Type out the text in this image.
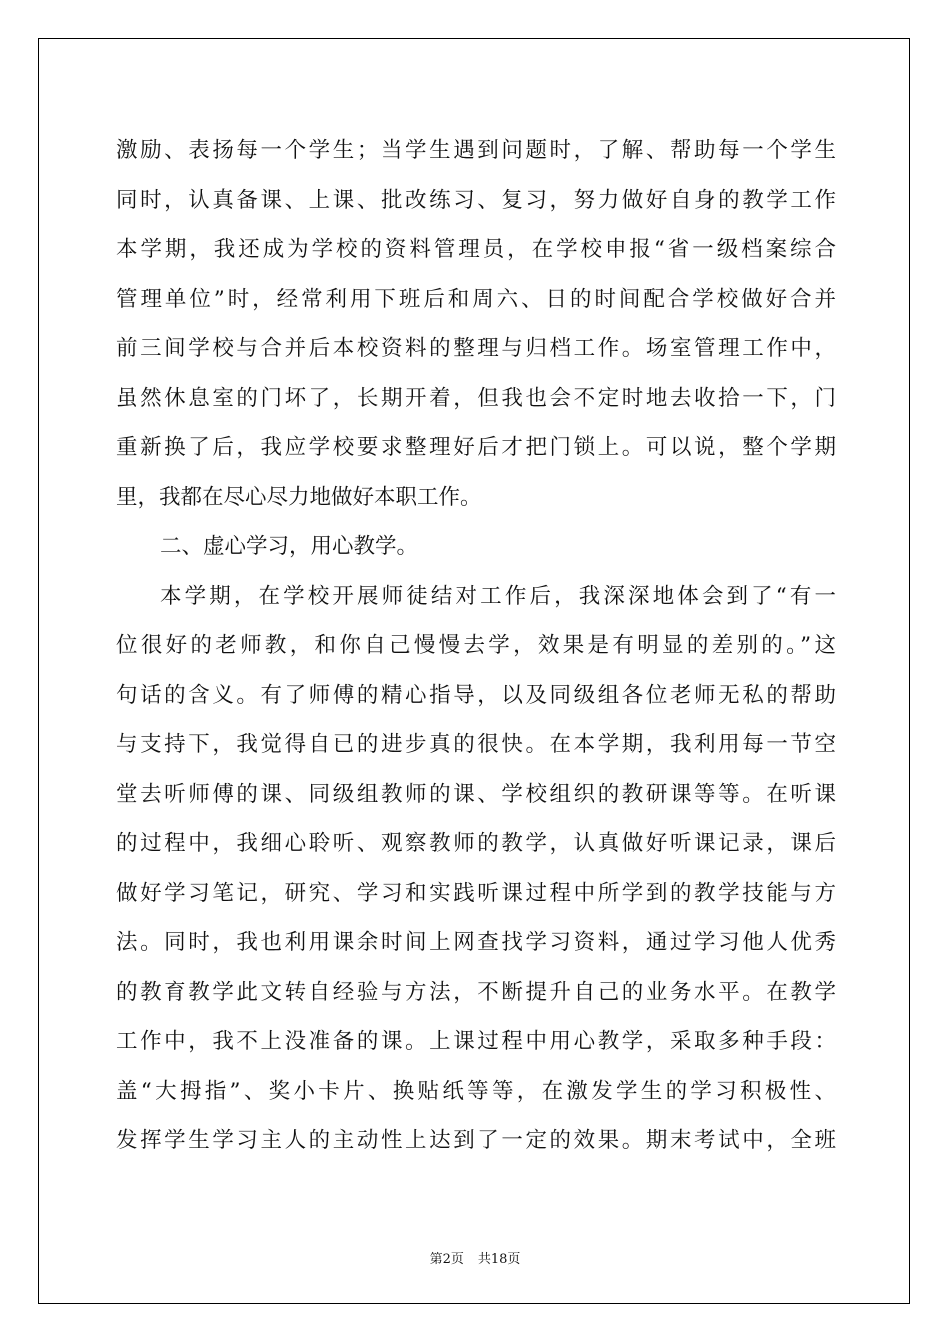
激励、表扬每一个学生；当学生遇到问题时，了解、帮助每一个学生
同时，认真备课、上课、批改练习、复习，努力做好自身的教学工作
本学期，我还成为学校的资料管理员，在学校申报“省一级档案综合
管理单位”时，经常利用下班后和周六、日的时间配合学校做好合并
前三间学校与合并后本校资料的整理与归档工作。场室管理工作中，
虽然休息室的门坏了，长期开着，但我也会不定时地去收拾一下，门
重新换了后，我应学校要求整理好后才把门锁上。可以说，整个学期
里，我都在尽心尽力地做好本职工作。
二、虚心学习，用心教学。
本学期，在学校开展师徒结对工作后，我深深地体会到了“有一
位很好的老师教，和你自己慢慢去学，效果是有明显的差别的。”这
句话的含义。有了师傅的精心指导，以及同级组各位老师无私的帮助
与支持下，我觉得自已的进步真的很快。在本学期，我利用每一节空
堂去听师傅的课、同级组教师的课、学校组织的教研课等等。在听课
的过程中，我细心聆听、观察教师的教学，认真做好听课记录，课后
做好学习笔记，研究、学习和实践听课过程中所学到的教学技能与方
法。同时，我也利用课余时间上网查找学习资料，通过学习他人优秀
的教育教学此文转自经验与方法，不断提升自己的业务水平。在教学
工作中，我不上没准备的课。上课过程中用心教学，采取多种手段：
盖“大拇指”、奖小卡片、换贴纸等等，在激发学生的学习积极性、
发挥学生学习主人的主动性上达到了一定的效果。期末考试中，全班
第2页 共18页
